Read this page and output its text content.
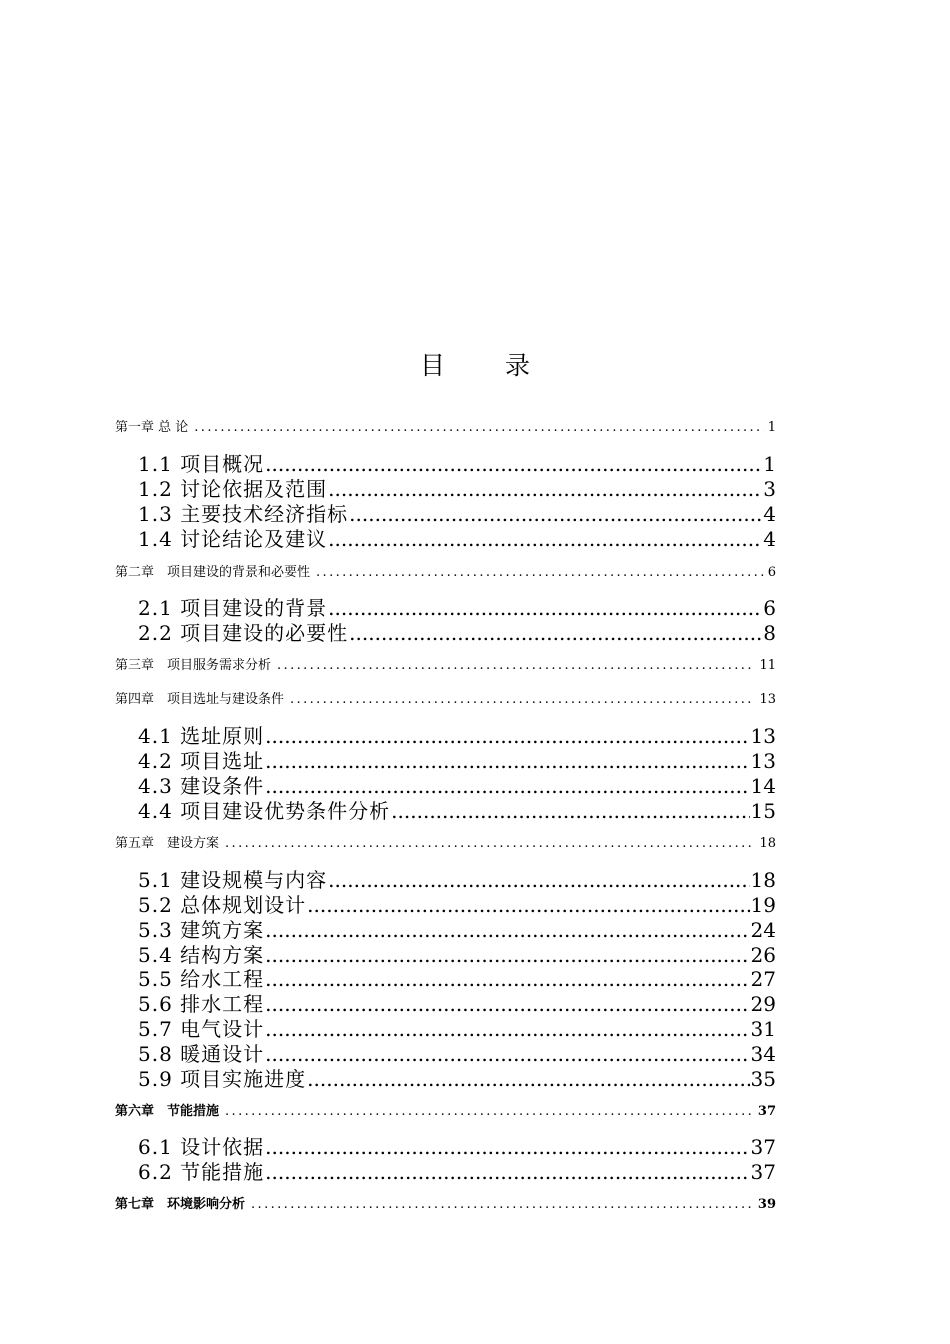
目 录
第一章 总 论 .....	1
1.1 项目概况 .....	1
1.2 讨论依据及范围 .....	3
1.3 主要技术经济指标 .....	4
1.4 讨论结论及建议 .....	4
第二章　项目建设的背景和必要性 .....	6
2.1 项目建设的背景 .....	6
2.2 项目建设的必要性 .....	8
第三章　项目服务需求分析 .....	11
第四章　项目选址与建设条件 .....	13
4.1 选址原则 .....	13
4.2 项目选址 .....	13
4.3 建设条件 .....	14
4.4 项目建设优势条件分析 .....	15
第五章　建设方案 .....	18
5.1 建设规模与内容 .....	18
5.2 总体规划设计 .....	19
5.3 建筑方案 .....	24
5.4 结构方案 .....	26
5.5 给水工程 .....	27
5.6 排水工程 .....	29
5.7 电气设计 .....	31
5.8 暖通设计 .....	34
5.9 项目实施进度 .....	35
第六章　节能措施 .....	37
6.1 设计依据 .....	37
6.2 节能措施 .....	37
第七章　环境影响分析 .....	39
